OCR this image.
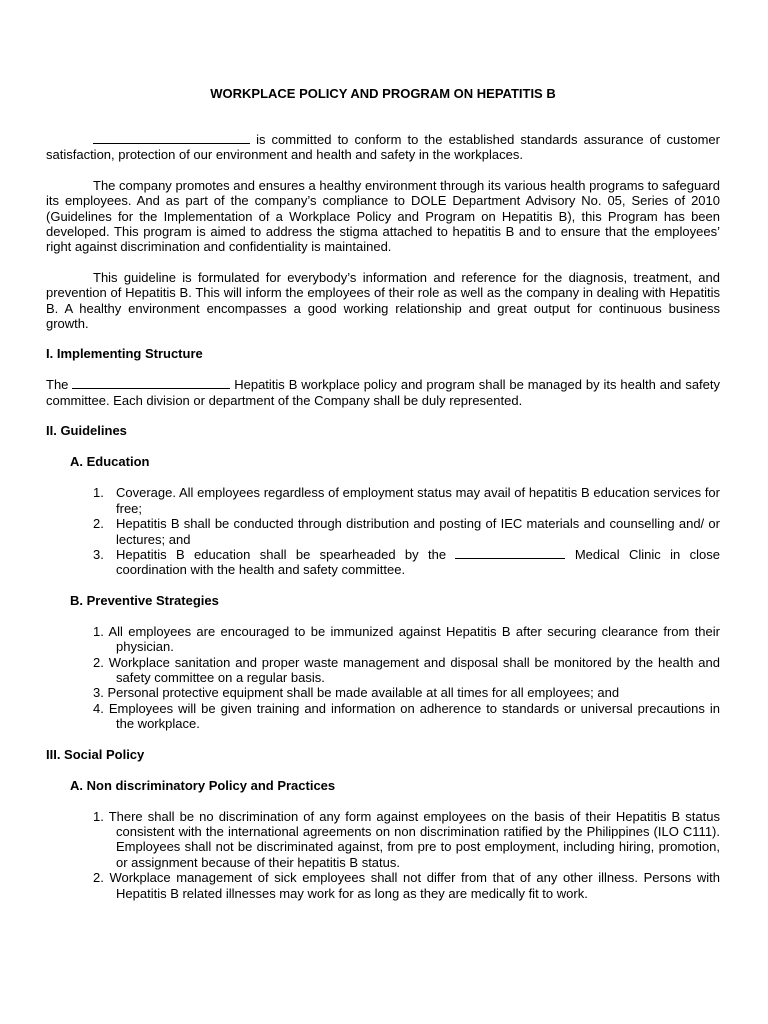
WORKPLACE POLICY AND PROGRAM ON HEPATITIS B

is committed to conform to the established standards assurance of customer satisfaction, protection of our environment and health and safety in the workplaces.

The company promotes and ensures a healthy environment through its various health programs to safeguard its employees. And as part of the company’s compliance to DOLE Department Advisory No. 05, Series of 2010 (Guidelines for the Implementation of a Workplace Policy and Program on Hepatitis B), this Program has been developed. This program is aimed to address the stigma attached to hepatitis B and to ensure that the employees’ right against discrimination and confidentiality is maintained.

This guideline is formulated for everybody’s information and reference for the diagnosis, treatment, and prevention of Hepatitis B. This will inform the employees of their role as well as the company in dealing with Hepatitis B. A healthy environment encompasses a good working relationship and great output for continuous business growth.

I. Implementing Structure

The	Hepatitis B workplace policy and program shall be managed by its health and safety committee. Each division or department of the Company shall be duly represented.

II. Guidelines
A. Education
1. Coverage. All employees regardless of employment status may avail of hepatitis B education services for free;
2. Hepatitis B shall be conducted through distribution and posting of IEC materials and counselling and/ or lectures; and
3. Hepatitis B education shall be spearheaded by the	Medical Clinic in close coordination with the health and safety committee.
B. Preventive Strategies
1. All employees are encouraged to be immunized against Hepatitis B after securing clearance from their physician.
2. Workplace sanitation and proper waste management and disposal shall be monitored by the health and safety committee on a regular basis.
3. Personal protective equipment shall be made available at all times for all employees; and
4. Employees will be given training and information on adherence to standards or universal precautions in the workplace.
III. Social Policy
A. Non discriminatory Policy and Practices
1. There shall be no discrimination of any form against employees on the basis of their Hepatitis B status consistent with the international agreements on non discrimination ratified by the Philippines (ILO C111). Employees shall not be discriminated against, from pre to post employment, including hiring, promotion, or assignment because of their hepatitis B status.
2. Workplace management of sick employees shall not differ from that of any other illness. Persons with Hepatitis B related illnesses may work for as long as they are medically fit to work.
